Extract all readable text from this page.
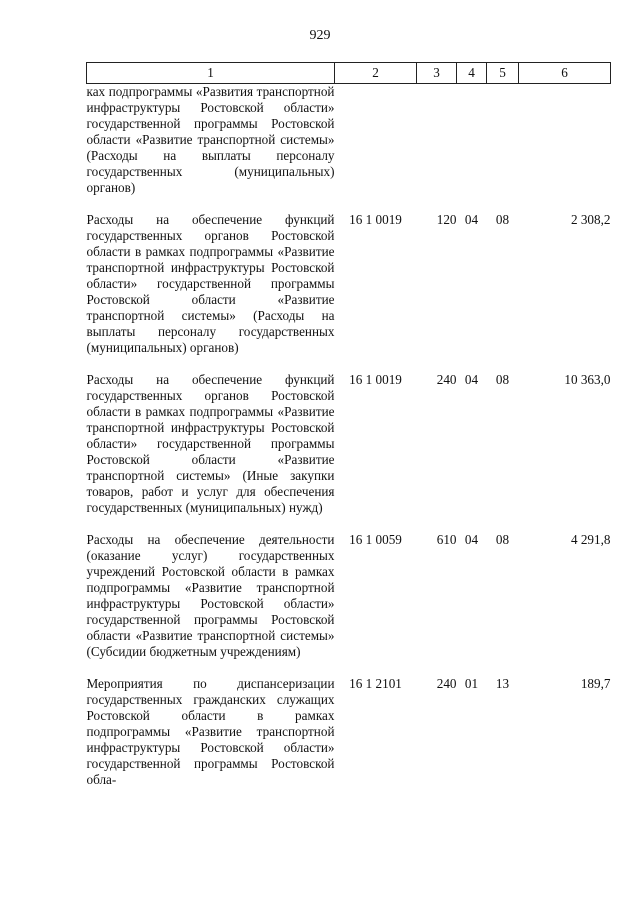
929
1	2	3	4	5	6
ках подпрограммы «Развития транспортной инфраструктуры Ростовской области» государственной программы Ростовской области «Развитие транспортной системы» (Расходы на выплаты персоналу государственных (муниципальных) органов)					

Расходы на обеспечение функций государственных органов Ростовской области в рамках подпрограммы «Развитие транспортной инфраструктуры Ростовской области» государственной программы Ростовской области «Развитие транспортной системы» (Расходы на выплаты персоналу государственных (муниципальных) органов)	16 1 0019	120	04	08	2 308,2

Расходы на обеспечение функций государственных органов Ростовской области в рамках подпрограммы «Развитие транспортной инфраструктуры Ростовской области» государственной программы Ростовской области «Развитие транспортной системы» (Иные закупки товаров, работ и услуг для обеспечения государственных (муниципальных) нужд)	16 1 0019	240	04	08	10 363,0

Расходы на обеспечение деятельности (оказание услуг) государственных учреждений Ростовской области в рамках подпрограммы «Развитие транспортной инфраструктуры Ростовской области» государственной программы Ростовской области «Развитие транспортной системы» (Субсидии бюджетным учреждениям)	16 1 0059	610	04	08	4 291,8

Мероприятия по диспансеризации государственных гражданских служащих Ростовской области в рамках подпрограммы «Развитие транспортной инфраструктуры Ростовской области» государственной программы Ростовской обла-	16 1 2101	240	01	13	189,7
